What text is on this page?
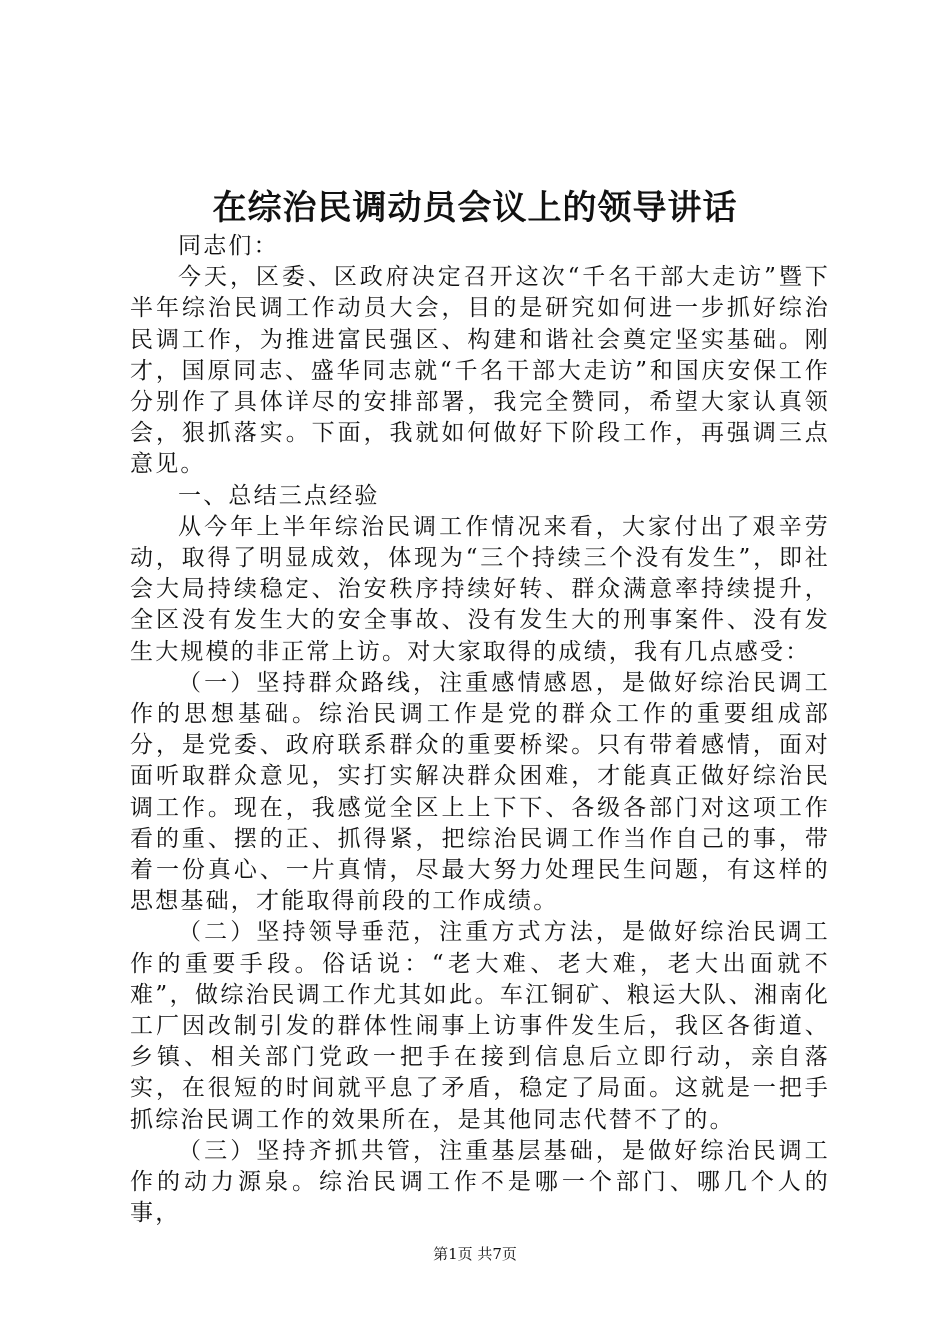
在综治民调动员会议上的领导讲话

同志们：

今天，区委、区政府决定召开这次“千名干部大走访”暨下半年综治民调工作动员大会，目的是研究如何进一步抓好综治民调工作，为推进富民强区、构建和谐社会奠定坚实基础。刚才，国原同志、盛华同志就“千名干部大走访”和国庆安保工作分别作了具体详尽的安排部署，我完全赞同，希望大家认真领会，狠抓落实。下面，我就如何做好下阶段工作，再强调三点意见。

一、总结三点经验

从今年上半年综治民调工作情况来看，大家付出了艰辛劳动，取得了明显成效，体现为“三个持续三个没有发生”，即社会大局持续稳定、治安秩序持续好转、群众满意率持续提升，全区没有发生大的安全事故、没有发生大的刑事案件、没有发生大规模的非正常上访。对大家取得的成绩，我有几点感受：

（一）坚持群众路线，注重感情感恩，是做好综治民调工作的思想基础。综治民调工作是党的群众工作的重要组成部分，是党委、政府联系群众的重要桥梁。只有带着感情，面对面听取群众意见，实打实解决群众困难，才能真正做好综治民调工作。现在，我感觉全区上上下下、各级各部门对这项工作看的重、摆的正、抓得紧，把综治民调工作当作自己的事，带着一份真心、一片真情，尽最大努力处理民生问题，有这样的思想基础，才能取得前段的工作成绩。

（二）坚持领导垂范，注重方式方法，是做好综治民调工作的重要手段。俗话说：“老大难、老大难，老大出面就不难”，做综治民调工作尤其如此。车江铜矿、粮运大队、湘南化工厂因改制引发的群体性闹事上访事件发生后，我区各街道、乡镇、相关部门党政一把手在接到信息后立即行动，亲自落实，在很短的时间就平息了矛盾，稳定了局面。这就是一把手抓综治民调工作的效果所在，是其他同志代替不了的。

（三）坚持齐抓共管，注重基层基础，是做好综治民调工作的动力源泉。综治民调工作不是哪一个部门、哪几个人的事，

第1页 共7页
